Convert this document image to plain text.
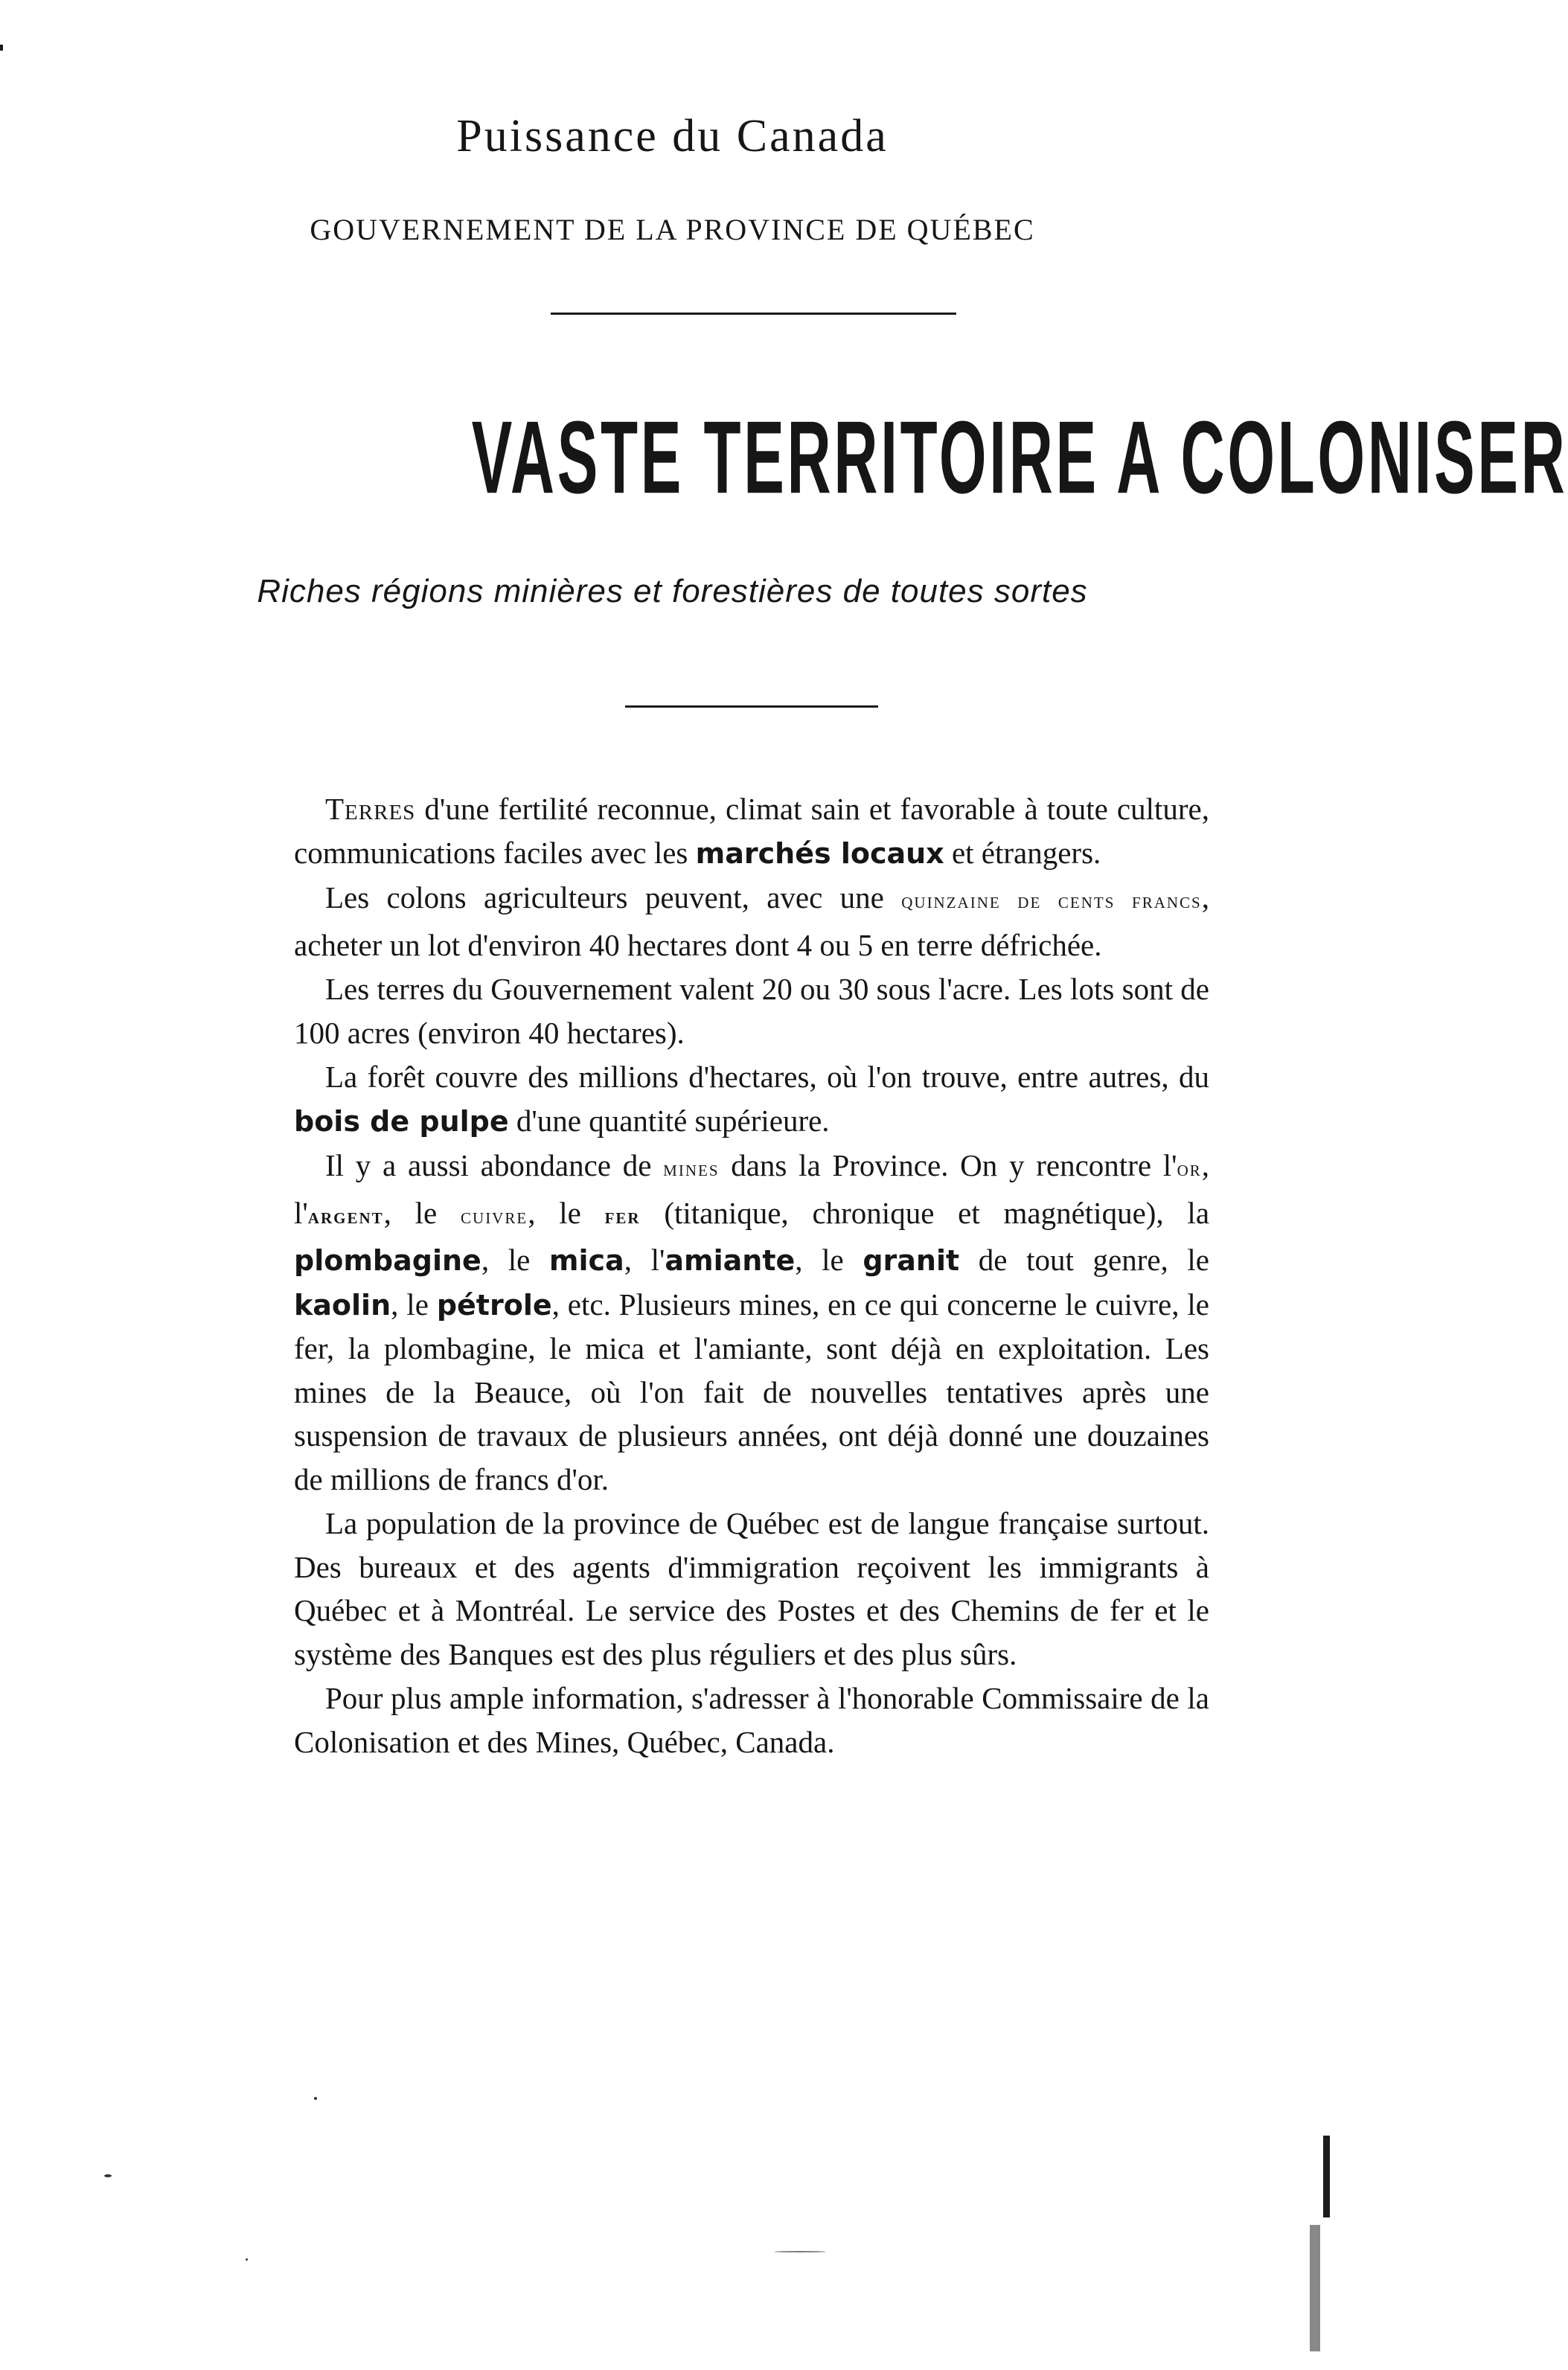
Puissance du Canada
GOUVERNEMENT DE LA PROVINCE DE QUÉBEC
VASTE TERRITOIRE A COLONISER
Riches régions minières et forestières de toutes sortes

Terres d'une fertilité reconnue, climat sain et favorable à toute culture, communications faciles avec les marchés locaux et étrangers.

Les colons agriculteurs peuvent, avec une quinzaine de cents francs, acheter un lot d'environ 40 hectares dont 4 ou 5 en terre défrichée.

Les terres du Gouvernement valent 20 ou 30 sous l'acre. Les lots sont de 100 acres (environ 40 hectares).

La forêt couvre des millions d'hectares, où l'on trouve, entre autres, du bois de pulpe d'une quantité supérieure.

Il y a aussi abondance de mines dans la Province. On y rencontre l'or, l'argent, le cuivre, le fer (titanique, chronique et magnétique), la plombagine, le mica, l'amiante, le granit de tout genre, le kaolin, le pétrole, etc. Plusieurs mines, en ce qui concerne le cuivre, le fer, la plombagine, le mica et l'amiante, sont déjà en exploitation. Les mines de la Beauce, où l'on fait de nouvelles tentatives après une suspension de travaux de plusieurs années, ont déjà donné une douzaines de millions de francs d'or.

La population de la province de Québec est de langue française surtout. Des bureaux et des agents d'immigration reçoivent les immigrants à Québec et à Montréal. Le service des Postes et des Chemins de fer et le système des Banques est des plus réguliers et des plus sûrs.

Pour plus ample information, s'adresser à l'honorable Commissaire de la Colonisation et des Mines, Québec, Canada.
